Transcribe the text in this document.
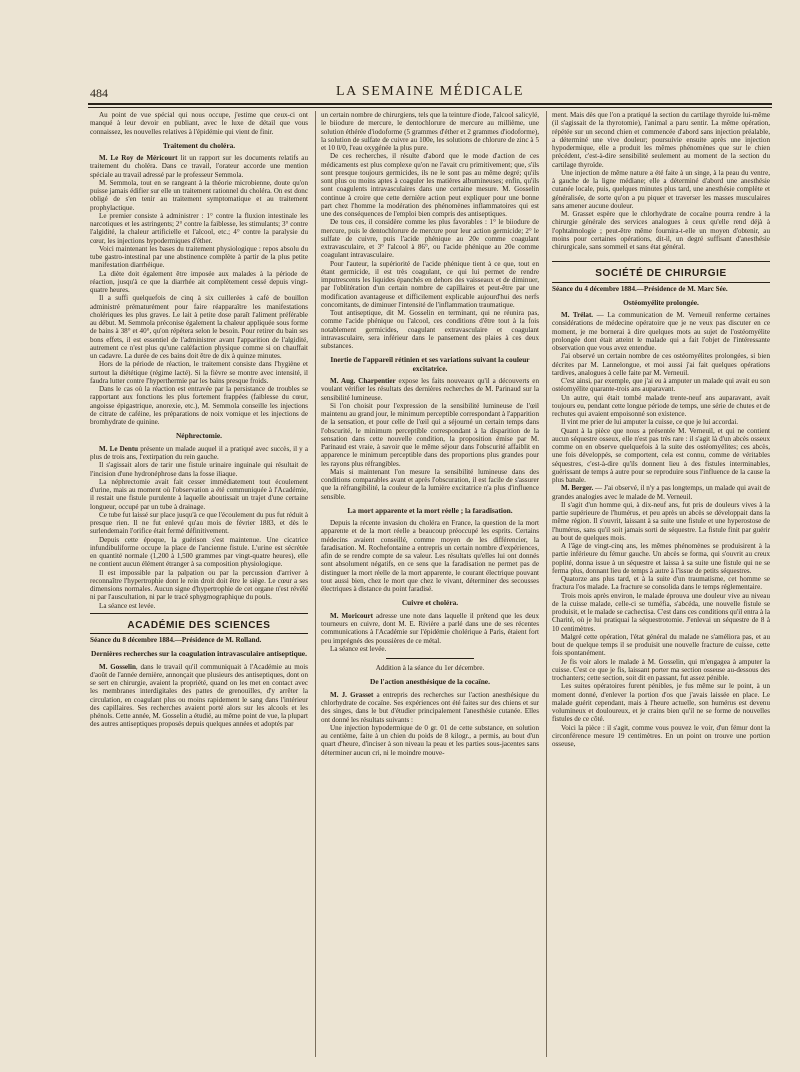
484	LA SEMAINE MÉDICALE

Au point de vue spécial qui nous occupe, j'estime que ceux-ci ont manqué à leur devoir en publiant, avec le luxe de détail que vous connaissez, les nouvelles relatives à l'épidémie qui vient de finir.

Traitement du choléra.

M. Le Roy de Méricourt lit un rapport sur les documents relatifs au traitement du choléra. Dans ce travail, l'orateur accorde une mention spéciale au travail adressé par le professeur Semmola.

M. Semmola, tout en se rangeant à la théorie microbienne, doute qu'on puisse jamais édifier sur elle un traitement rationnel du choléra. On est donc obligé de s'en tenir au traitement symptomatique et au traitement prophylactique.

Le premier consiste à administrer : 1° contre la fluxion intestinale les narcotiques et les astringents; 2° contre la faiblesse, les stimulants; 3° contre l'algidité, la chaleur artificielle et l'alcool, etc.; 4° contre la paralysie du cœur, les injections hypodermiques d'éther.

Voici maintenant les bases du traitement physiologique : repos absolu du tube gastro-intestinal par une abstinence complète à partir de la plus petite manifestation diarrhéique.

La diète doit également être imposée aux malades à la période de réaction, jusqu'à ce que la diarrhée ait complètement cessé depuis vingt-quatre heures.

Il a suffi quelquefois de cinq à six cuillerées à café de bouillon administré prématurément pour faire réapparaître les manifestations cholériques les plus graves. Le lait à petite dose paraît l'aliment préférable au début. M. Semmola préconise également la chaleur appliquée sous forme de bains à 38° et 40°, qu'on répétera selon le besoin. Pour retirer du bain ses bons effets, il est essentiel de l'administrer avant l'apparition de l'algidité, autrement ce n'est plus qu'une caléfaction physique comme si on chauffait un cadavre. La durée de ces bains doit être de dix à quinze minutes.

Hors de la période de réaction, le traitement consiste dans l'hygiène et surtout la diététique (régime lacté). Si la fièvre se montre avec intensité, il faudra lutter contre l'hyperthermie par les bains presque froids.

Dans le cas où la réaction est entravée par la persistance de troubles se rapportant aux fonctions les plus fortement frappées (faiblesse du cœur, angoisse épigastrique, anorexie, etc.), M. Semmola conseille les injections de citrate de caféine, les préparations de noix vomique et les injections de bromhydrate de quinine.

Néphrectomie.

M. Le Dentu présente un malade auquel il a pratiqué avec succès, il y a plus de trois ans, l'extirpation du rein gauche.

Il s'agissait alors de tarir une fistule urinaire inguinale qui résultait de l'incision d'une hydronéphrose dans la fosse iliaque.

La néphrectomie avait fait cesser immédiatement tout écoulement d'urine, mais au moment où l'observation a été communiquée à l'Académie, il restait une fistule purulente à laquelle aboutissait un trajet d'une certaine longueur, occupé par un tube à drainage.

Ce tube fut laissé sur place jusqu'à ce que l'écoulement du pus fut réduit à presque rien. Il ne fut enlevé qu'au mois de février 1883, et dès le surlendemain l'orifice était fermé définitivement.

Depuis cette époque, la guérison s'est maintenue. Une cicatrice infundibuliforme occupe la place de l'ancienne fistule. L'urine est sécrétée en quantité normale (1,200 à 1,500 grammes par vingt-quatre heures), elle ne contient aucun élément étranger à sa composition physiologique.

Il est impossible par la palpation ou par la percussion d'arriver à reconnaître l'hypertrophie dont le rein droit doit être le siège. Le cœur a ses dimensions normales. Aucun signe d'hypertrophie de cet organe n'est révélé ni par l'auscultation, ni par le tracé sphygmographique du pouls.

La séance est levée.

ACADÉMIE DES SCIENCES

Séance du 8 décembre 1884.—Présidence de M. Rolland.

Dernières recherches sur la coagulation intravasculaire antiseptique.

M. Gosselin, dans le travail qu'il communiquait à l'Académie au mois d'août de l'année dernière, annonçait que plusieurs des antiseptiques, dont on se sert en chirurgie, avaient la propriété, quand on les met en contact avec les membranes interdigitales des pattes de grenouilles, d'y arrêter la circulation, en coagulant plus ou moins rapidement le sang dans l'intérieur des capillaires. Ses recherches avaient porté alors sur les alcools et les phénols. Cette année, M. Gosselin a étudié, au même point de vue, la plupart des autres antiseptiques proposés depuis quelques années et adoptés par

un certain nombre de chirurgiens, tels que la teinture d'iode, l'alcool salicylé, le biiodure de mercure, le dentochlorure de mercure au millième, une solution éthérée d'iodoforme (5 grammes d'éther et 2 grammes d'iodoforme), la solution de sulfate de cuivre au 100e, les solutions de chlorure de zinc à 5 et 10 0/0, l'eau oxygénée la plus pure.

De ces recherches, il résulte d'abord que le mode d'action de ces médicaments est plus complexe qu'on ne l'avait cru primitivement; que, s'ils sont presque toujours germicides, ils ne le sont pas au même degré; qu'ils sont plus ou moins aptes à coaguler les matières albumineuses; enfin, qu'ils sont coagulents intravasculaires dans une certaine mesure. M. Gosselin continue à croire que cette dernière action peut expliquer pour une bonne part chez l'homme la modération des phénomènes inflammatoires qui est une des conséquences de l'emploi bien compris des antiseptiques.

De tous ces, il considère comme les plus favorables : 1° le biiodure de mercure, puis le dentochlorure de mercure pour leur action germicide; 2° le sulfate de cuivre, puis l'acide phénique au 20e comme coagulant extravasculaire, et 3° l'alcool à 86°, ou l'acide phénique au 20e comme coagulant intravasculaire.

Pour l'auteur, la supériorité de l'acide phénique tient à ce que, tout en étant germicide, il est très coagulant, ce qui lui permet de rendre imputrescents les liquides épanchés en dehors des vaisseaux et de diminuer, par l'oblitération d'un certain nombre de capillaires et peut-être par une modification avantageuse et difficilement explicable aujourd'hui des nerfs concomitants, de diminuer l'intensité de l'inflammation traumatique.

Tout antiseptique, dit M. Gosselin en terminant, qui ne réunira pas, comme l'acide phénique ou l'alcool, ces conditions d'être tout à la fois notablement germicides, coagulant extravasculaire et coagulant intravasculaire, sera inférieur dans le pansement des plaies à ces deux substances.

Inertie de l'appareil rétinien et ses variations suivant la couleur excitatrice.

M. Aug. Charpentier expose les faits nouveaux qu'il a découverts en voulant vérifier les résultats des dernières recherches de M. Parinaud sur la sensibilité lumineuse.

Si l'on choisit pour l'expression de la sensibilité lumineuse de l'œil maintenu au grand jour, le minimum perceptible correspondant à l'apparition de la sensation, et pour celle de l'œil qui a séjourné un certain temps dans l'obscurité, le minimum perceptible correspondant à la disparition de la sensation dans cette nouvelle condition, la proposition émise par M. Parinaud est vraie, à savoir que le même séjour dans l'obscurité affaiblit en apparence le minimum perceptible dans des proportions plus grandes pour les rayons plus réfrangibles.

Mais si maintenant l'on mesure la sensibilité lumineuse dans des conditions comparables avant et après l'obscuration, il est facile de s'assurer que la réfrangibilité, la couleur de la lumière excitatrice n'a plus d'influence sensible.

La mort apparente et la mort réelle ; la faradisation.

Depuis la récente invasion du choléra en France, la question de la mort apparente et de la mort réelle a beaucoup préoccupé les esprits. Certains médecins avaient conseillé, comme moyen de les différencier, la faradisation. M. Rochefontaine a entrepris un certain nombre d'expériences, afin de se rendre compte de sa valeur. Les résultats qu'elles lui ont donnés sont absolument négatifs, en ce sens que la faradisation ne permet pas de distinguer la mort réelle de la mort apparente, le courant électrique pouvant tout aussi bien, chez le mort que chez le vivant, déterminer des secousses électriques à distance du point faradisé.

Cuivre et choléra.

M. Moricourt adresse une note dans laquelle il prétend que les deux tourneurs en cuivre, dont M. E. Rivière a parlé dans une de ses récentes communications à l'Académie sur l'épidémie cholérique à Paris, étaient fort peu imprégnés des poussières de ce métal.

La séance est levée.

Addition à la séance du 1er décembre.

De l'action anesthésique de la cocaïne.

M. J. Grasset a entrepris des recherches sur l'action anesthésique du chlorhydrate de cocaïne. Ses expériences ont été faites sur des chiens et sur des singes, dans le but d'étudier principalement l'anesthésie cutanée. Elles ont donné les résultats suivants :

Une injection hypodermique de 0 gr. 01 de cette substance, en solution au centième, faite à un chien du poids de 8 kilogr., a permis, au bout d'un quart d'heure, d'inciser à son niveau la peau et les parties sous-jacentes sans déterminer aucun cri, ni le moindre mouve-

ment. Mais dès que l'on a pratiqué la section du cartilage thyroïde lui-même (il s'agissait de la thyrotomie), l'animal a paru sentir. La même opération, répétée sur un second chien et commencée d'abord sans injection préalable, a déterminé une vive douleur; poursuivie ensuite après une injection hypodermique, elle a produit les mêmes phénomènes que sur le chien précédent, c'est-à-dire sensibilité seulement au moment de la section du cartilage thyroïde.

Une injection de même nature a été faite à un singe, à la peau du ventre, à gauche de la ligne médiane; elle a déterminé d'abord une anesthésie cutanée locale, puis, quelques minutes plus tard, une anesthésie complète et généralisée, de sorte qu'on a pu piquer et traverser les masses musculaires sans amener aucune douleur.

M. Grasset espère que le chlorhydrate de cocaïne pourra rendre à la chirurgie générale des services analogues à ceux qu'elle rend déjà à l'ophtalmologie ; peut-être même fournira-t-elle un moyen d'obtenir, au moins pour certaines opérations, dit-il, un degré suffisant d'anesthésie chirurgicale, sans sommeil et sans état général.

SOCIÉTÉ DE CHIRURGIE

Séance du 4 décembre 1884.—Présidence de M. Marc Sée.

Ostéomyélite prolongée.

M. Trélat. — La communication de M. Verneuil renferme certaines considérations de médecine opératoire que je ne veux pas discuter en ce moment, je me bornerai à dire quelques mots au sujet de l'ostéomyélite prolongée dont était atteint le malade qui a fait l'objet de l'intéressante observation que vous avez entendue.

J'ai observé un certain nombre de ces ostéomyélites prolongées, si bien décrites par M. Lannelongue, et moi aussi j'ai fait quelques opérations tardives, analogues à celle faite par M. Verneuil.

C'est ainsi, par exemple, que j'ai eu à amputer un malade qui avait eu son ostéomyélite quarante-trois ans auparavant.

Un autre, qui était tombé malade trente-neuf ans auparavant, avait toujours eu, pendant cette longue période de temps, une série de chutes et de rechutes qui avaient empoisonné son existence.

Il vint me prier de lui amputer la cuisse, ce que je lui accordai.

Quant à la pièce que nous a présentée M. Verneuil, et qui ne contient aucun séquestre osseux, elle n'est pas très rare : il s'agit là d'un abcès osseux comme on en observe quelquefois à la suite des ostéomyélites; ces abcès, une fois développés, se comportent, cela est connu, comme de véritables séquestres, c'est-à-dire qu'ils donnent lieu à des fistules interminables, guérissant de temps à autre pour se reproduire sous l'influence de la cause la plus banale.

M. Berger. — J'ai observé, il n'y a pas longtemps, un malade qui avait de grandes analogies avec le malade de M. Verneuil.

Il s'agit d'un homme qui, à dix-neuf ans, fut pris de douleurs vives à la partie supérieure de l'humérus, et peu après un abcès se développait dans la même région. Il s'ouvrit, laissant à sa suite une fistule et une hyperostose de l'humérus, sans qu'il soit jamais sorti de séquestre. La fistule finit par guérir au bout de quelques mois.

A l'âge de vingt-cinq ans, les mêmes phénomènes se produisirent à la partie inférieure du fémur gauche. Un abcès se forma, qui s'ouvrit au creux poplité, donna issue à un séquestre et laissa à sa suite une fistule qui ne se ferma plus, donnant lieu de temps à autre à l'issue de petits séquestres.

Quatorze ans plus tard, et à la suite d'un traumatisme, cet homme se fractura l'os malade. La fracture se consolida dans le temps réglementaire.

Trois mois après environ, le malade éprouva une douleur vive au niveau de la cuisse malade, celle-ci se tuméfia, s'abcéda, une nouvelle fistule se produisit, et le malade se cachectisa. C'est dans ces conditions qu'il entra à la Charité, où je lui pratiquai la séquestrotomie. J'enlevai un séquestre de 8 à 10 centimètres.

Malgré cette opération, l'état général du malade ne s'améliora pas, et au bout de quelque temps il se produisit une nouvelle fracture de cuisse, cette fois spontanément.

Je fis voir alors le malade à M. Gosselin, qui m'engagea à amputer la cuisse. C'est ce que je fis, laissant porter ma section osseuse au-dessous des trochanters; cette section, soit dit en passant, fut assez pénible.

Les suites opératoires furent pénibles, je fus même sur le point, à un moment donné, d'enlever la portion d'os que j'avais laissée en place. Le malade guérit cependant, mais à l'heure actuelle, son humérus est devenu volumineux et douloureux, et je crains bien qu'il ne se forme de nouvelles fistules de ce côté.

Voici la pièce : il s'agit, comme vous pouvez le voir, d'un fémur dont la circonférence mesure 19 centimètres. En un point on trouve une portion osseuse,
